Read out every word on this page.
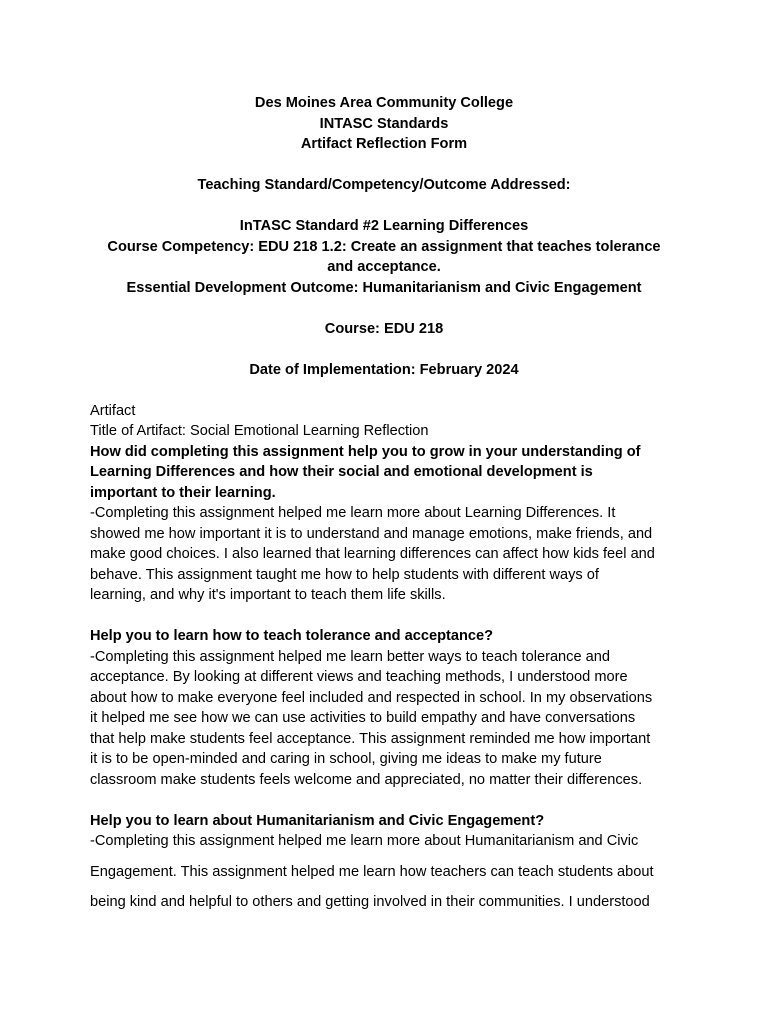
Des Moines Area Community College

INTASC Standards

Artifact Reflection Form

Teaching Standard/Competency/Outcome Addressed:

InTASC Standard #2 Learning Differences

Course Competency: EDU 218 1.2: Create an assignment that teaches tolerance

and acceptance.

Essential Development Outcome: Humanitarianism and Civic Engagement

Course: EDU 218

Date of Implementation: February 2024

Artifact

Title of Artifact: Social Emotional Learning Reflection

How did completing this assignment help you to grow in your understanding of

Learning Differences and how their social and emotional development is

important to their learning.

-Completing this assignment helped me learn more about Learning Differences. It

showed me how important it is to understand and manage emotions, make friends, and

make good choices. I also learned that learning differences can affect how kids feel and

behave. This assignment taught me how to help students with different ways of

learning, and why it's important to teach them life skills.

Help you to learn how to teach tolerance and acceptance?

-Completing this assignment helped me learn better ways to teach tolerance and

acceptance. By looking at different views and teaching methods, I understood more

about how to make everyone feel included and respected in school. In my observations

it helped me see how we can use activities to build empathy and have conversations

that help make students feel acceptance. This assignment reminded me how important

it is to be open-minded and caring in school, giving me ideas to make my future

classroom make students feels welcome and appreciated, no matter their differences.

Help you to learn about Humanitarianism and Civic Engagement?

-Completing this assignment helped me learn more about Humanitarianism and Civic

Engagement. This assignment helped me learn how teachers can teach students about

being kind and helpful to others and getting involved in their communities. I understood
